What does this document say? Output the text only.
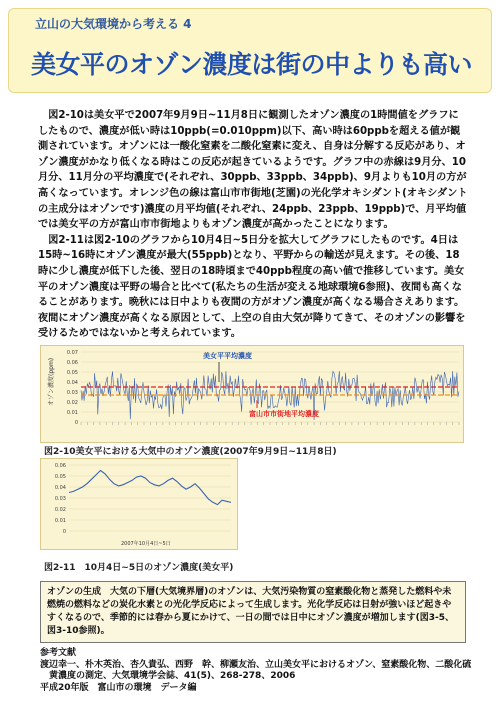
立山の大気環境から考える 4
美女平のオゾン濃度は街の中よりも高い

図2-10は美女平で2007年9月9日~11月8日に観測したオゾン濃度の1時間値をグラフにしたもので、濃度が低い時は10ppb(=0.010ppm)以下、高い時は60ppbを超える値が観測されています。オゾンには一酸化窒素を二酸化窒素に変え、自身は分解する反応があり、オゾン濃度がかなり低くなる時はこの反応が起きているようです。グラフ中の赤線は9月分、10月分、11月分の平均濃度で(それぞれ、30ppb、33ppb、34ppb)、9月よりも10月の方が高くなっています。オレンジ色の線は富山市市街地(芝園)の光化学オキシダント(オキシダントの主成分はオゾンです)濃度の月平均値(それぞれ、24ppb、23ppb、19ppb)で、月平均値では美女平の方が富山市市街地よりもオゾン濃度が高かったことになります。

図2-11は図2-10のグラフから10月4日~5日分を拡大してグラフにしたものです。4日は15時~16時にオゾン濃度が最大(55ppb)となり、平野からの輸送が見えます。その後、18時に少し濃度が低下した後、翌日の18時頃まで40ppb程度の高い値で推移しています。美女平のオゾン濃度は平野の場合と比べて(私たちの生活が変える地球環境6参照)、夜間も高くなることがあります。晩秋には日中よりも夜間の方がオゾン濃度が高くなる場合さえあります。夜間にオゾン濃度が高くなる原因として、上空の自由大気が降りてきて、そのオゾンの影響を受けるためではないかと考えられています。

0.07
0.06
0.05
0.04
0.03
0.02
0.01
0
オゾン濃度(ppm)
美女平平均濃度
富山市市街地平均濃度
図2-10美女平における大気中のオゾン濃度(2007年9月9日~11月8日)
0.06
0.05
0.04
0.03
0.02
0.01
0
2007年10月4日~5日
図2-11　10月4日~5日のオゾン濃度(美女平)
オゾンの生成　大気の下層(大気境界層)のオゾンは、大気汚染物質の窒素酸化物と蒸発した燃料や未燃焼の燃料などの炭化水素との光化学反応によって生成します。光化学反応は日射が強いほど起きやすくなるので、季節的には春から夏にかけて、一日の間では日中にオゾン濃度が増加します(図3-5、図3-10参照)。
参考文献
渡辺幸一、朴木英治、杏久貴弘、西野　幹、柳瀬友治、立山美女平におけるオゾン、窒素酸化物、二酸化硫
　黄濃度の測定、大気環境学会誌、41(5)、268-278、2006
平成20年版　富山市の環境　データ編
